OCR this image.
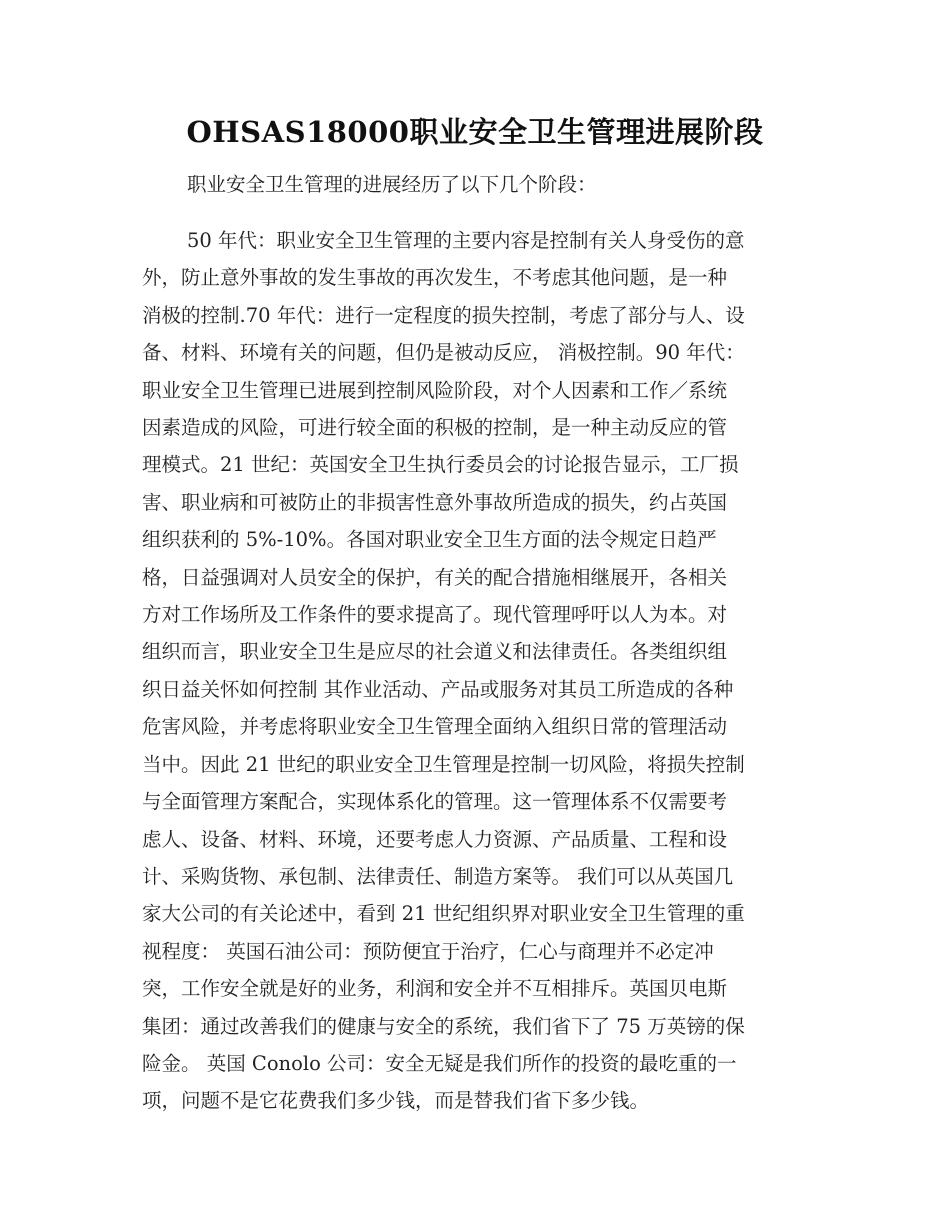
OHSAS18000职业安全卫生管理进展阶段

职业安全卫生管理的进展经历了以下几个阶段：

50 年代：职业安全卫生管理的主要内容是控制有关人身受伤的意
外，防止意外事故的发生事故的再次发生，不考虑其他问题，是一种
消极的控制.70 年代：进行一定程度的损失控制，考虑了部分与人、设
备、材料、环境有关的问题，但仍是被动反应， 消极控制。90 年代：
职业安全卫生管理已进展到控制风险阶段，对个人因素和工作／系统
因素造成的风险，可进行较全面的积极的控制，是一种主动反应的管
理模式。21 世纪：英国安全卫生执行委员会的讨论报告显示，工厂损
害、职业病和可被防止的非损害性意外事故所造成的损失，约占英国
组织获利的 5%-10%。各国对职业安全卫生方面的法令规定日趋严
格，日益强调对人员安全的保护，有关的配合措施相继展开，各相关
方对工作场所及工作条件的要求提高了。现代管理呼吁以人为本。对
组织而言，职业安全卫生是应尽的社会道义和法律责任。各类组织组
织日益关怀如何控制 其作业活动、产品或服务对其员工所造成的各种
危害风险，并考虑将职业安全卫生管理全面纳入组织日常的管理活动
当中。因此 21 世纪的职业安全卫生管理是控制一切风险，将损失控制
与全面管理方案配合，实现体系化的管理。这一管理体系不仅需要考
虑人、设备、材料、环境，还要考虑人力资源、产品质量、工程和设
计、采购货物、承包制、法律责任、制造方案等。 我们可以从英国几
家大公司的有关论述中，看到 21 世纪组织界对职业安全卫生管理的重
视程度： 英国石油公司：预防便宜于治疗，仁心与商理并不必定冲
突，工作安全就是好的业务，利润和安全并不互相排斥。英国贝电斯
集团：通过改善我们的健康与安全的系统，我们省下了 75 万英镑的保
险金。 英国 Conolo 公司：安全无疑是我们所作的投资的最吃重的一
项，问题不是它花费我们多少钱，而是替我们省下多少钱。
